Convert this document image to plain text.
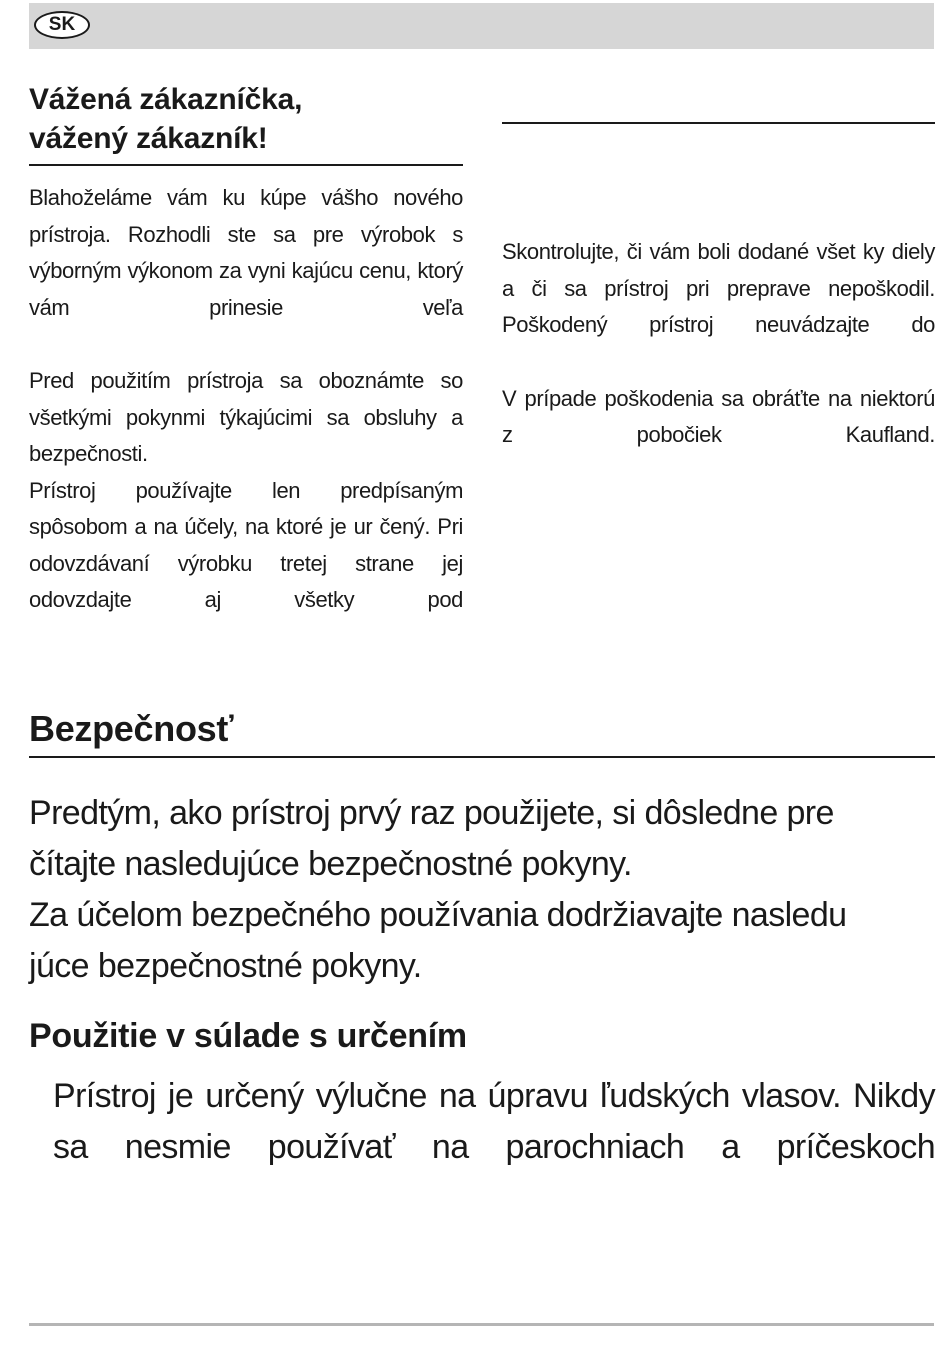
SK
Vážená zákazníčka,
vážený zákazník!

Blahoželáme vám ku kúpe vášho nového prístroja. Rozhodli ste sa pre výrobok s výborným výkonom za vyni kajúcu cenu, ktorý vám prinesie veľa

Pred použitím prístroja sa oboznámte so všetkými pokynmi týkajúcimi sa obsluhy a bezpečnosti.

Prístroj používajte len predpísaným spôsobom a na účely, na ktoré je ur čený. Pri odovzdávaní výrobku tretej strane jej odovzdajte aj všetky pod

Skontrolujte, či vám boli dodané všet ky diely a či sa prístroj pri preprave nepoškodil.

Poškodený prístroj neuvádzajte do

V prípade poškodenia sa obráťte na niektorú z pobočiek Kaufland.

Bezpečnosť

Predtým, ako prístroj prvý raz použijete, si dôsledne pre
čítajte nasledujúce bezpečnostné pokyny.
Za účelom bezpečného používania dodržiavajte nasledu
júce bezpečnostné pokyny.

Použitie v súlade s určením

Prístroj je určený výlučne na úpravu ľudských vlasov. Nikdy sa nesmie používať na parochniach a príčeskoch
